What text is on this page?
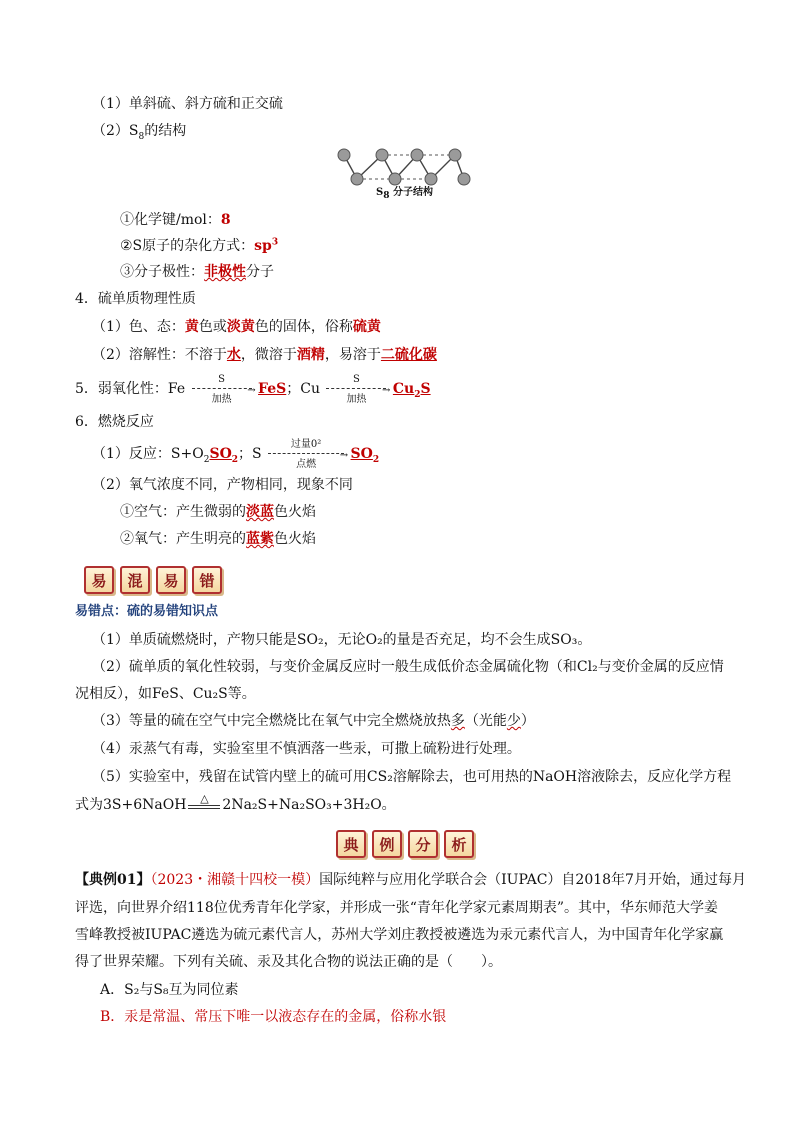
（1）单斜硫、斜方硫和正交硫
$(2)S_8$的结构
$S_8$ 分子结构
①化学键/mol：8
②S原子的杂化方式：$sp^3$
③分子极性：非极性分子
4．硫单质物理性质
（1）色、态：黄色或淡黄色的固体，俗称硫黄
（2）溶解性：不溶于水，微溶于酒精，易溶于二硫化碳
5．弱氧化性：Fe
S
→
加热
FeS；Cu
S
→
加热
$Cu_2S$
6．燃烧反应
（1）反应：$S+O_2SO_2$；S
过量0²
→
点燃
$SO_2$
（2）氧气浓度不同，产物相同，现象不同
①空气：产生微弱的淡蓝色火焰
②氧气：产生明亮的蓝紫色火焰
易	混	易	错
易错点：硫的易错知识点
（1）单质硫燃烧时，产物只能是SO₂，无论O₂的量是否充足，均不会生成SO₃。
（2）硫单质的氧化性较弱，与变价金属反应时一般生成低价态金属硫化物（和Cl₂与变价金属的反应情
况相反），如FeS、Cu₂S等。
（3）等量的硫在空气中完全燃烧比在氧气中完全燃烧放热多（光能少）
（4）汞蒸气有毒，实验室里不慎洒落一些汞，可撒上硫粉进行处理。
（5）实验室中，残留在试管内壁上的硫可用CS₂溶解除去，也可用热的NaOH溶液除去，反应化学方程
式为3S+6NaOH	△ 2Na₂S+Na₂SO₃+3H₂O。
典	例	分	析
【典例01】（2023・湘赣十四校一模）国际纯粹与应用化学联合会（IUPAC）自2018年7月开始，通过每月
评选，向世界介绍118位优秀青年化学家，并形成一张“青年化学家元素周期表”。其中，华东师范大学姜
雪峰教授被IUPAC遴选为硫元素代言人，苏州大学刘庄教授被遴选为汞元素代言人，为中国青年化学家赢
得了世界荣耀。下列有关硫、汞及其化合物的说法正确的是（　　）。
A．S₂与S₈互为同位素
B．汞是常温、常压下唯一以液态存在的金属，俗称水银
